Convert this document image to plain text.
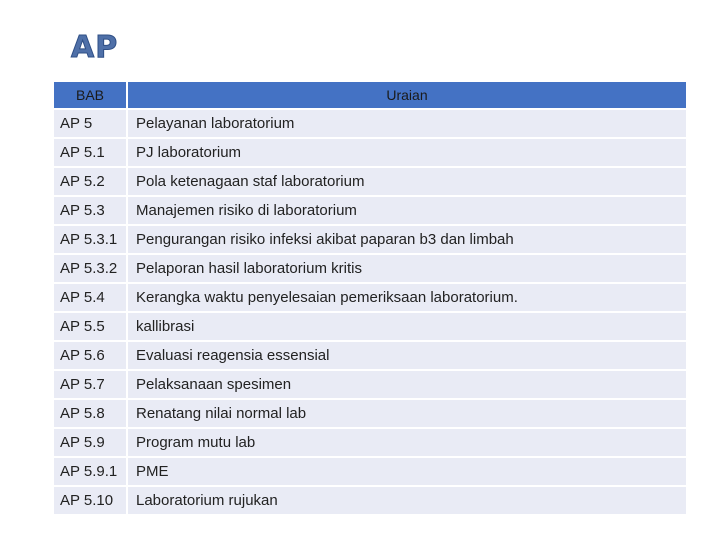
AP
BAB		Uraian
AP 5		Pelayanan laboratorium
AP 5.1		PJ laboratorium
AP 5.2		Pola ketenagaan staf laboratorium
AP 5.3		Manajemen risiko di laboratorium
AP 5.3.1		Pengurangan risiko infeksi akibat paparan b3 dan limbah
AP 5.3.2		Pelaporan hasil laboratorium kritis
AP 5.4		Kerangka waktu penyelesaian pemeriksaan laboratorium.
AP 5.5		kallibrasi
AP 5.6		Evaluasi reagensia essensial
AP 5.7		Pelaksanaan spesimen
AP 5.8		Renatang nilai normal lab
AP 5.9		Program mutu lab
AP 5.9.1		PME
AP 5.10		Laboratorium rujukan
